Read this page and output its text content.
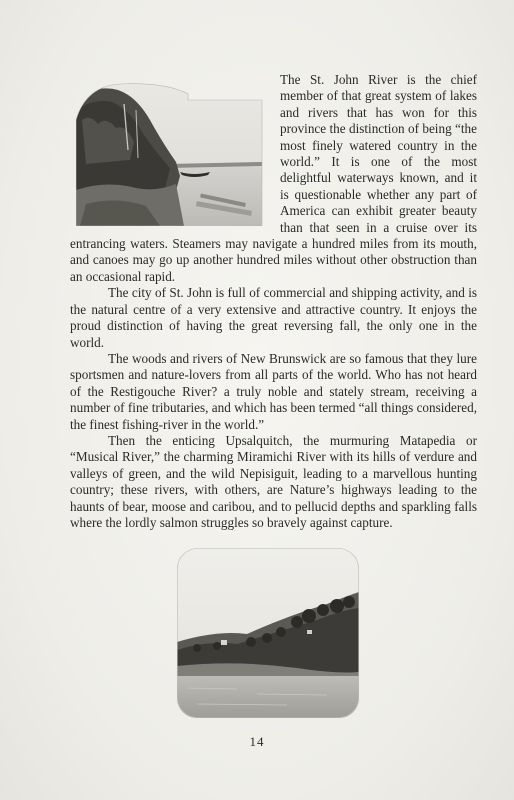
The St. John River is the chief member of that great system of lakes and rivers that has won for this province the distinction of being “the most finely watered country in the world.” It is one of the most delightful waterways known, and it is questionable whether any part of America can exhibit greater beauty than that seen in a cruise over its entrancing waters. Steamers may navigate a hundred miles from its mouth, and canoes may go up another hundred miles without other obstruction than an occasional rapid.

The city of St. John is full of commercial and shipping activity, and is the natural centre of a very extensive and attractive country. It enjoys the proud distinction of having the great reversing fall, the only one in the world.

The woods and rivers of New Brunswick are so famous that they lure sportsmen and nature-lovers from all parts of the world. Who has not heard of the Restigouche River? a truly noble and stately stream, receiving a number of fine tributaries, and which has been termed “all things considered, the finest fishing-river in the world.”

Then the enticing Upsalquitch, the murmuring Matapedia or “Musical River,” the charming Miramichi River with its hills of verdure and valleys of green, and the wild Nepisiguit, leading to a marvellous hunting country; these rivers, with others, are Nature’s highways leading to the haunts of bear, moose and caribou, and to pellucid depths and sparkling falls where the lordly salmon struggles so bravely against capture.

14
